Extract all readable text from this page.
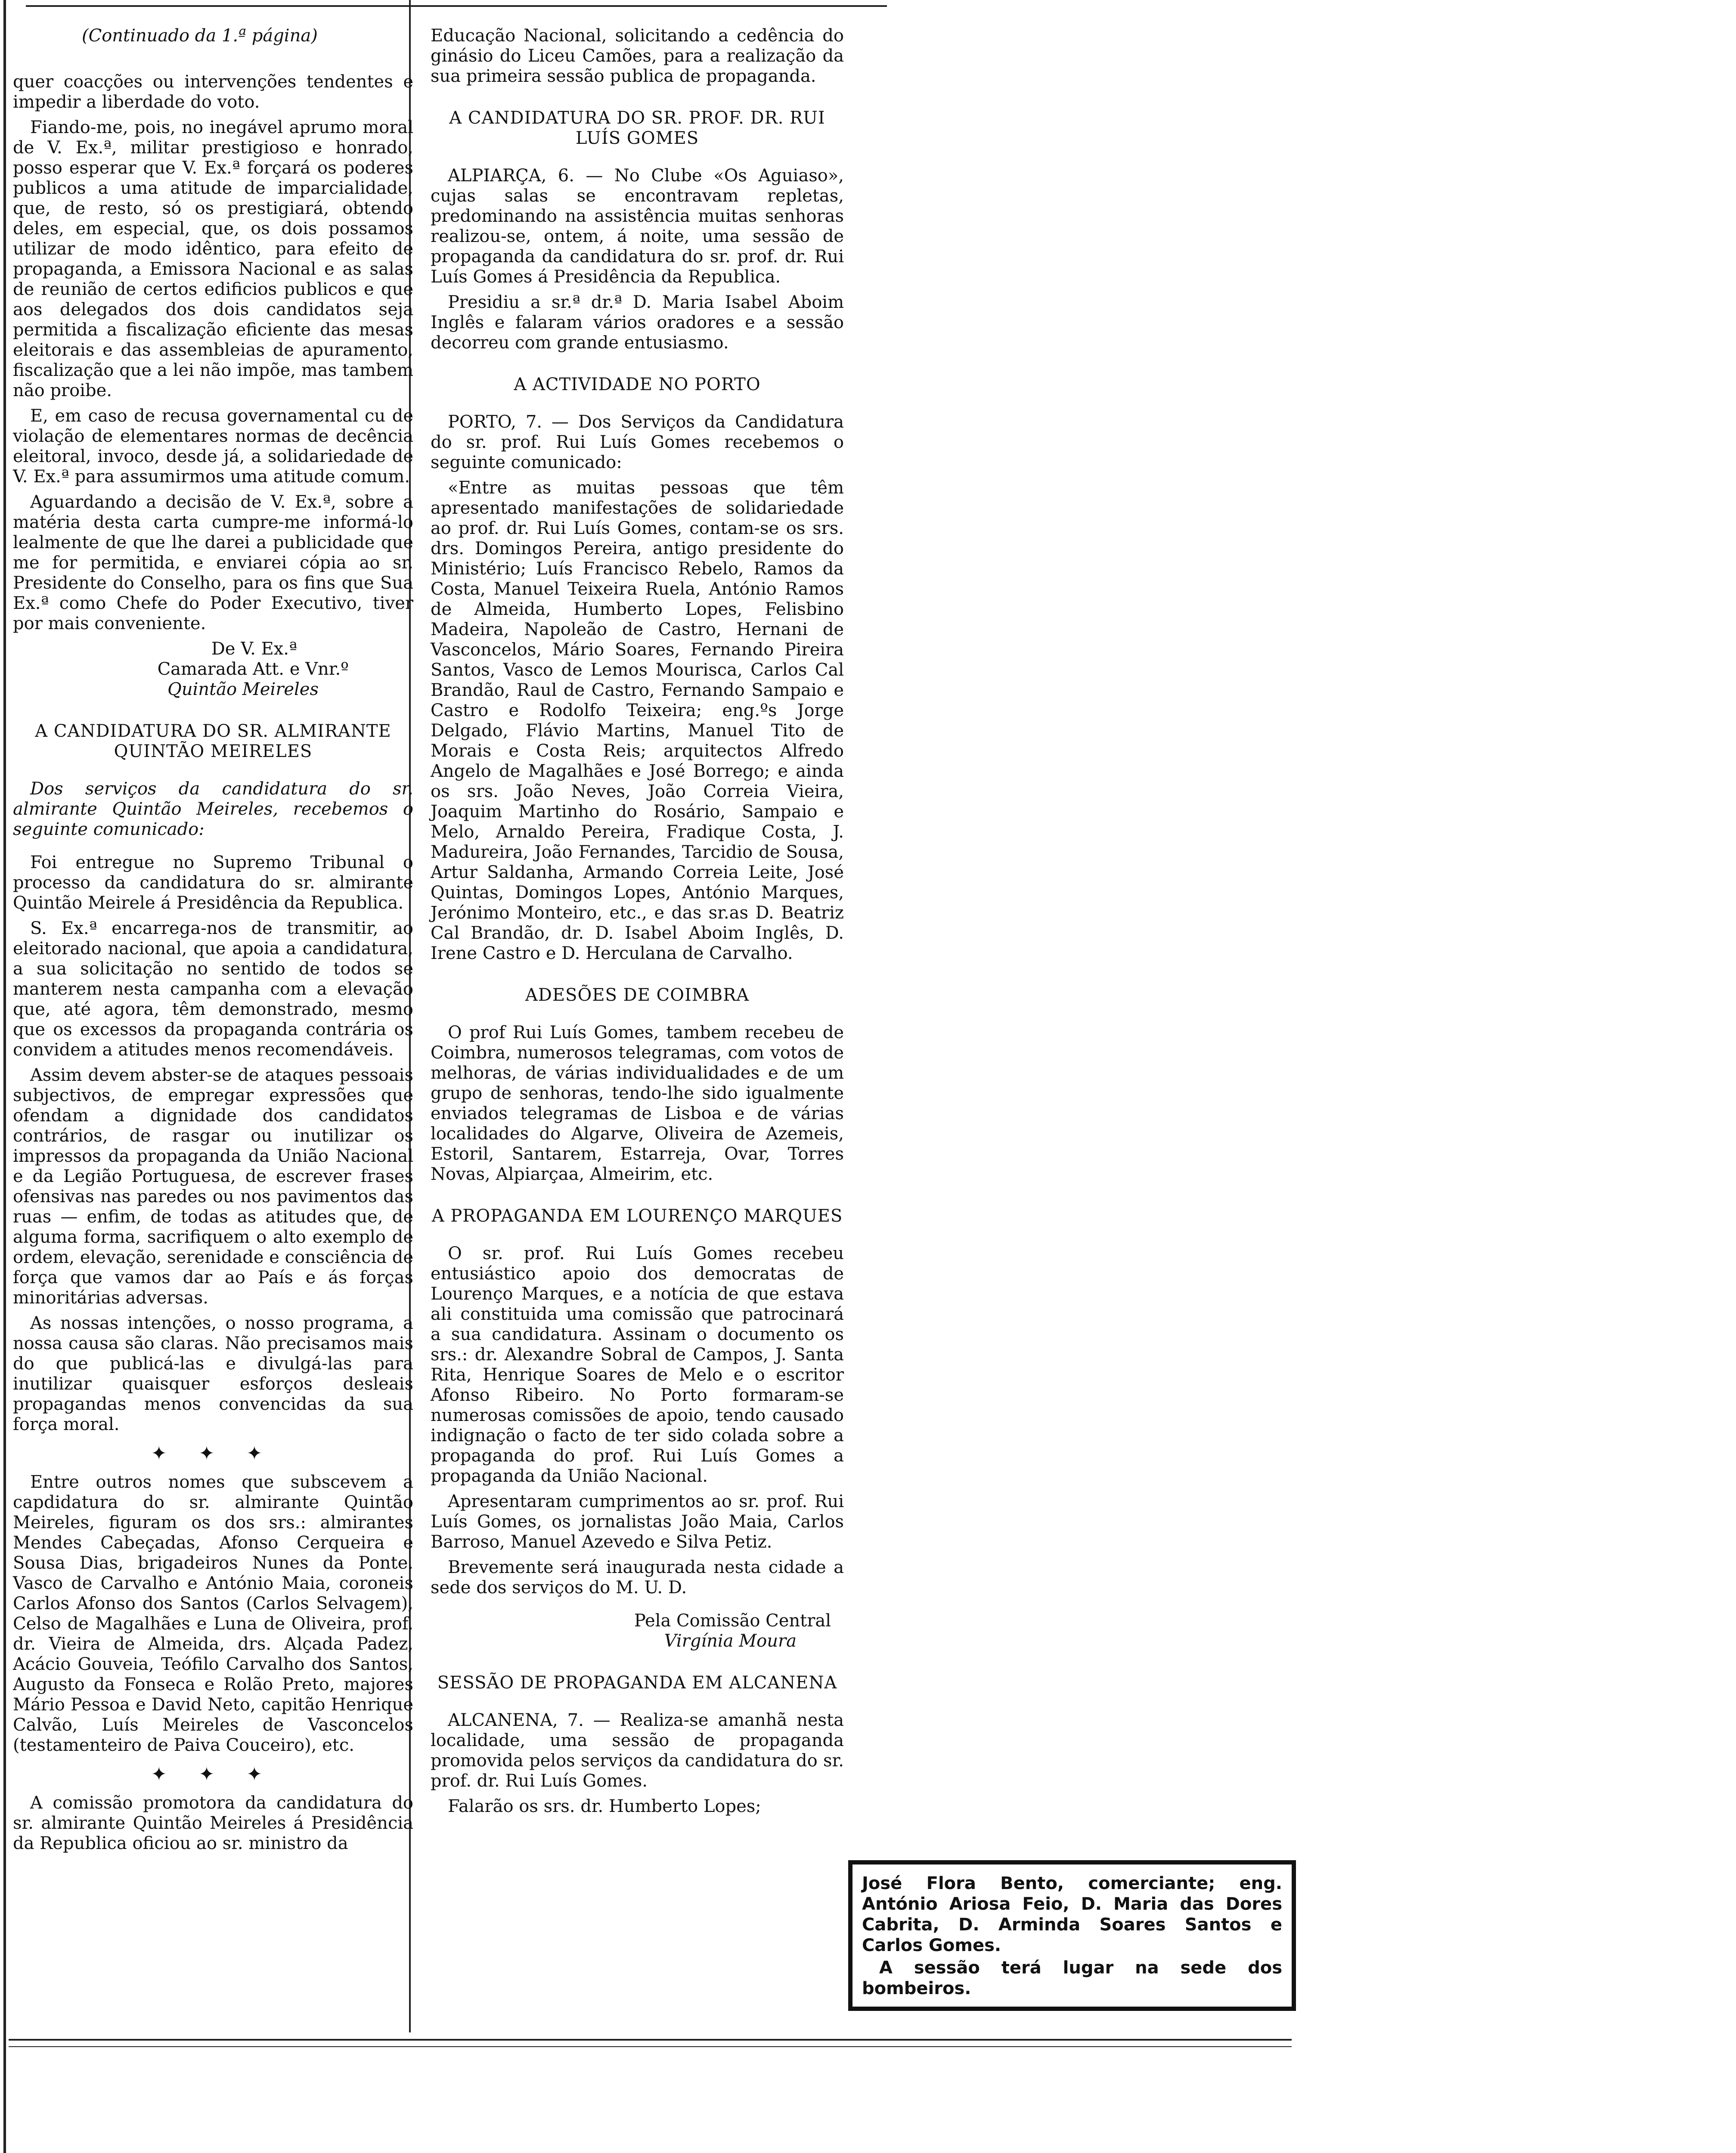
(Continuado da 1.ª página)

quer coacções ou intervenções tendentes e impedir a liberdade do voto.

Fiando-me, pois, no inegável aprumo moral de V. Ex.ª, militar prestigioso e honrado, posso esperar que V. Ex.ª forçará os poderes publicos a uma atitude de imparcialidade, que, de resto, só os prestigiará, obtendo deles, em especial, que, os dois possamos utilizar de modo idêntico, para efeito de propaganda, a Emissora Nacional e as salas de reunião de certos edificios publicos e que aos delegados dos dois candidatos seja permitida a fiscalização eficiente das mesas eleitorais e das assembleias de apuramento, fiscalização que a lei não impõe, mas tambem não proibe.

E, em caso de recusa governamental cu de violação de elementares normas de decência eleitoral, invoco, desde já, a solidariedade de V. Ex.ª para assumirmos uma atitude comum.

Aguardando a decisão de V. Ex.ª, sobre a matéria desta carta cumpre-me informá-lo lealmente de que lhe darei a publicidade que me for permitida, e enviarei cópia ao sr. Presidente do Conselho, para os fins que Sua Ex.ª como Chefe do Poder Executivo, tiver por mais conveniente.

De V. Ex.ª

Camarada Att. e Vnr.º

Quintão Meireles

A CANDIDATURA DO SR. ALMIRANTE QUINTÃO MEIRELES

Dos serviços da candidatura do sr. almirante Quintão Meireles, recebemos o seguinte comunicado:

Foi entregue no Supremo Tribunal o processo da candidatura do sr. almirante Quintão Meirele á Presidência da Republica.

S. Ex.ª encarrega-nos de transmitir, ao eleitorado nacional, que apoia a candidatura, a sua solicitação no sentido de todos se manterem nesta campanha com a elevação que, até agora, têm demonstrado, mesmo que os excessos da propaganda contrária os convidem a atitudes menos recomendáveis.

Assim devem abster-se de ataques pessoais subjectivos, de empregar expressões que ofendam a dignidade dos candidatos contrários, de rasgar ou inutilizar os impressos da propaganda da União Nacional e da Legião Portuguesa, de escrever frases ofensivas nas paredes ou nos pavimentos das ruas — enfim, de todas as atitudes que, de alguma forma, sacrifiquem o alto exemplo de ordem, elevação, serenidade e consciência de força que vamos dar ao País e ás forças minoritárias adversas.

As nossas intenções, o nosso programa, a nossa causa são claras. Não precisamos mais do que publicá-las e divulgá-las para inutilizar quaisquer esforços desleais propagandas menos convencidas da sua força moral.

✦ ✦ ✦

Entre outros nomes que subscevem a capdidatura do sr. almirante Quintão Meireles, figuram os dos srs.: almirantes Mendes Cabeçadas, Afonso Cerqueira e Sousa Dias, brigadeiros Nunes da Ponte. Vasco de Carvalho e António Maia, coroneis Carlos Afonso dos Santos (Carlos Selvagem), Celso de Magalhães e Luna de Oliveira, prof. dr. Vieira de Almeida, drs. Alçada Padez, Acácio Gouveia, Teófilo Carvalho dos Santos, Augusto da Fonseca e Rolão Preto, majores Mário Pessoa e David Neto, capitão Henrique Calvão, Luís Meireles de Vasconcelos (testamenteiro de Paiva Couceiro), etc.

✦ ✦ ✦

A comissão promotora da candidatura do sr. almirante Quintão Meireles á Presidência da Republica oficiou ao sr. ministro da

Educação Nacional, solicitando a cedência do ginásio do Liceu Camões, para a realização da sua primeira sessão publica de propaganda.

A CANDIDATURA DO SR. PROF. DR. RUI LUÍS GOMES

ALPIARÇA, 6. — No Clube «Os Aguiaso», cujas salas se encontravam repletas, predominando na assistência muitas senhoras realizou-se, ontem, á noite, uma sessão de propaganda da candidatura do sr. prof. dr. Rui Luís Gomes á Presidência da Republica.

Presidiu a sr.ª dr.ª D. Maria Isabel Aboim Inglês e falaram vários oradores e a sessão decorreu com grande entusiasmo.

A ACTIVIDADE NO PORTO

PORTO, 7. — Dos Serviços da Candidatura do sr. prof. Rui Luís Gomes recebemos o seguinte comunicado:

«Entre as muitas pessoas que têm apresentado manifestações de solidariedade ao prof. dr. Rui Luís Gomes, contam-se os srs. drs. Domingos Pereira, antigo presidente do Ministério; Luís Francisco Rebelo, Ramos da Costa, Manuel Teixeira Ruela, António Ramos de Almeida, Humberto Lopes, Felisbino Madeira, Napoleão de Castro, Hernani de Vasconcelos, Mário Soares, Fernando Pireira Santos, Vasco de Lemos Mourisca, Carlos Cal Brandão, Raul de Castro, Fernando Sampaio e Castro e Rodolfo Teixeira; eng.ºs Jorge Delgado, Flávio Martins, Manuel Tito de Morais e Costa Reis; arquitectos Alfredo Angelo de Magalhães e José Borrego; e ainda os srs. João Neves, João Correia Vieira, Joaquim Martinho do Rosário, Sampaio e Melo, Arnaldo Pereira, Fradique Costa, J. Madureira, João Fernandes, Tarcidio de Sousa, Artur Saldanha, Armando Correia Leite, José Quintas, Domingos Lopes, António Marques, Jerónimo Monteiro, etc., e das sr.as D. Beatriz Cal Brandão, dr. D. Isabel Aboim Inglês, D. Irene Castro e D. Herculana de Carvalho.

ADESÕES DE COIMBRA

O prof Rui Luís Gomes, tambem recebeu de Coimbra, numerosos telegramas, com votos de melhoras, de várias individualidades e de um grupo de senhoras, tendo-lhe sido igualmente enviados telegramas de Lisboa e de várias localidades do Algarve, Oliveira de Azemeis, Estoril, Santarem, Estarreja, Ovar, Torres Novas, Alpiarçaa, Almeirim, etc.

A PROPAGANDA EM LOURENÇO MARQUES

O sr. prof. Rui Luís Gomes recebeu entusiástico apoio dos democratas de Lourenço Marques, e a notícia de que estava ali constituida uma comissão que patrocinará a sua candidatura. Assinam o documento os srs.: dr. Alexandre Sobral de Campos, J. Santa Rita, Henrique Soares de Melo e o escritor Afonso Ribeiro. No Porto formaram-se numerosas comissões de apoio, tendo causado indignação o facto de ter sido colada sobre a propaganda do prof. Rui Luís Gomes a propaganda da União Nacional.

Apresentaram cumprimentos ao sr. prof. Rui Luís Gomes, os jornalistas João Maia, Carlos Barroso, Manuel Azevedo e Silva Petiz.

Brevemente será inaugurada nesta cidade a sede dos serviços do M. U. D.

Pela Comissão Central

Virgínia Moura

SESSÃO DE PROPAGANDA EM ALCANENA

ALCANENA, 7. — Realiza-se amanhã nesta localidade, uma sessão de propaganda promovida pelos serviços da candidatura do sr. prof. dr. Rui Luís Gomes.

Falarão os srs. dr. Humberto Lopes;

José Flora Bento, comerciante; eng. António Ariosa Feio, D. Maria das Dores Cabrita, D. Arminda Soares Santos e Carlos Gomes.

A sessão terá lugar na sede dos bombeiros.
